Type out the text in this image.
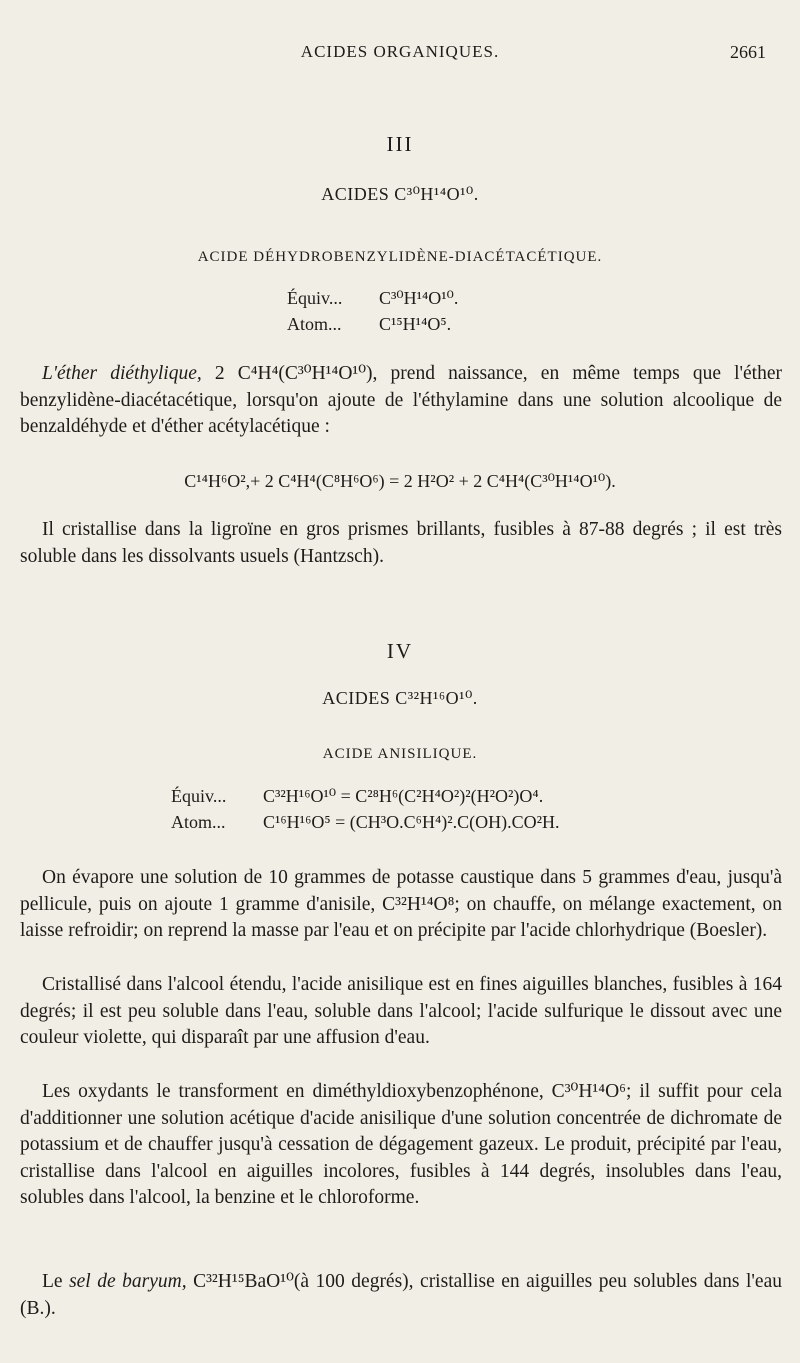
ACIDES ORGANIQUES.	2661
III
ACIDES C³⁰H¹⁴O¹⁰.
ACIDE DÉHYDROBENZYLIDÈNE-DIACÉTACÉTIQUE.
Équiv... C³⁰H¹⁴O¹⁰.
Atom... C¹⁵H¹⁴O⁵.

L'éther diéthylique, 2 C⁴H⁴(C³⁰H¹⁴O¹⁰), prend naissance, en même temps que l'éther benzylidène-diacétacétique, lorsqu'on ajoute de l'éthylamine dans une solution alcoolique de benzaldéhyde et d'éther acétylacétique :

C¹⁴H⁶O²,+ 2 C⁴H⁴(C⁸H⁶O⁶) = 2 H²O² + 2 C⁴H⁴(C³⁰H¹⁴O¹⁰).

Il cristallise dans la ligroïne en gros prismes brillants, fusibles à 87-88 degrés ; il est très soluble dans les dissolvants usuels (Hantzsch).

IV
ACIDES C³²H¹⁶O¹⁰.
ACIDE ANISILIQUE.
Équiv... C³²H¹⁶O¹⁰ = C²⁸H⁶(C²H⁴O²)²(H²O²)O⁴.
Atom... C¹⁶H¹⁶O⁵ = (CH³O.C⁶H⁴)².C(OH).CO²H.

On évapore une solution de 10 grammes de potasse caustique dans 5 grammes d'eau, jusqu'à pellicule, puis on ajoute 1 gramme d'anisile, C³²H¹⁴O⁸; on chauffe, on mélange exactement, on laisse refroidir; on reprend la masse par l'eau et on précipite par l'acide chlorhydrique (Boesler).

Cristallisé dans l'alcool étendu, l'acide anisilique est en fines aiguilles blanches, fusibles à 164 degrés; il est peu soluble dans l'eau, soluble dans l'alcool; l'acide sulfurique le dissout avec une couleur violette, qui disparaît par une affusion d'eau.

Les oxydants le transforment en diméthyldioxybenzophénone, C³⁰H¹⁴O⁶; il suffit pour cela d'additionner une solution acétique d'acide anisilique d'une solution concentrée de dichromate de potassium et de chauffer jusqu'à cessation de dégagement gazeux. Le produit, précipité par l'eau, cristallise dans l'alcool en aiguilles incolores, fusibles à 144 degrés, insolubles dans l'eau, solubles dans l'alcool, la benzine et le chloroforme.

Le sel de baryum, C³²H¹⁵BaO¹⁰(à 100 degrés), cristallise en aiguilles peu solubles dans l'eau (B.).
